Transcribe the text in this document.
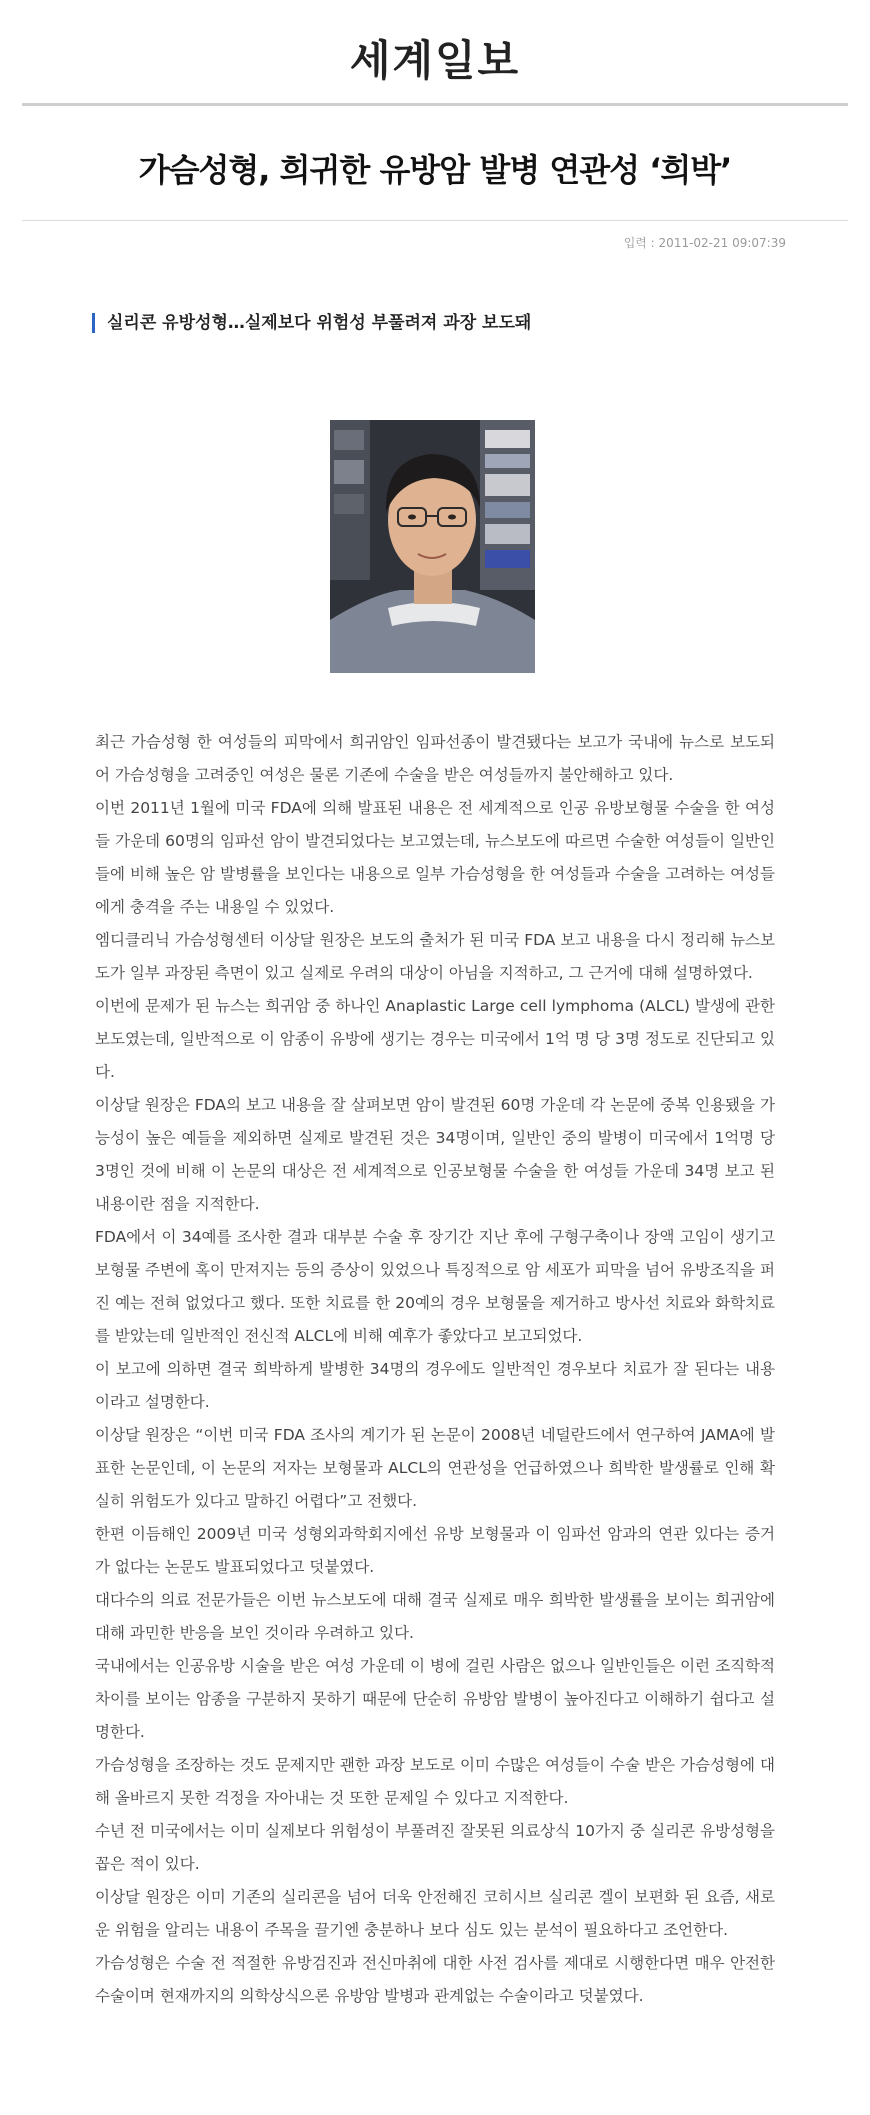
세계일보
가슴성형, 희귀한 유방암 발병 연관성 ‘희박’
입력 : 2011-02-21 09:07:39
실리콘 유방성형…실제보다 위험성 부풀려져 과장 보도돼

최근 가슴성형 한 여성들의 피막에서 희귀암인 임파선종이 발견됐다는 보고가 국내에 뉴스로 보도되어 가슴성형을 고려중인 여성은 물론 기존에 수술을 받은 여성들까지 불안해하고 있다.

이번 2011년 1월에 미국 FDA에 의해 발표된 내용은 전 세계적으로 인공 유방보형물 수술을 한 여성들 가운데 60명의 임파선 암이 발견되었다는 보고였는데, 뉴스보도에 따르면 수술한 여성들이 일반인들에 비해 높은 암 발병률을 보인다는 내용으로 일부 가슴성형을 한 여성들과 수술을 고려하는 여성들에게 충격을 주는 내용일 수 있었다.

엠디클리닉 가슴성형센터 이상달 원장은 보도의 출처가 된 미국 FDA 보고 내용을 다시 정리해 뉴스보도가 일부 과장된 측면이 있고 실제로 우려의 대상이 아님을 지적하고, 그 근거에 대해 설명하였다.

이번에 문제가 된 뉴스는 희귀암 중 하나인 Anaplastic Large cell lymphoma (ALCL) 발생에 관한 보도였는데, 일반적으로 이 암종이 유방에 생기는 경우는 미국에서 1억 명 당 3명 정도로 진단되고 있다.

이상달 원장은 FDA의 보고 내용을 잘 살펴보면 암이 발견된 60명 가운데 각 논문에 중복 인용됐을 가능성이 높은 예들을 제외하면 실제로 발견된 것은 34명이며, 일반인 중의 발병이 미국에서 1억명 당 3명인 것에 비해 이 논문의 대상은 전 세계적으로 인공보형물 수술을 한 여성들 가운데 34명 보고 된 내용이란 점을 지적한다.

FDA에서 이 34예를 조사한 결과 대부분 수술 후 장기간 지난 후에 구형구축이나 장액 고임이 생기고 보형물 주변에 혹이 만져지는 등의 증상이 있었으나 특징적으로 암 세포가 피막을 넘어 유방조직을 퍼진 예는 전혀 없었다고 했다. 또한 치료를 한 20예의 경우 보형물을 제거하고 방사선 치료와 화학치료를 받았는데 일반적인 전신적 ALCL에 비해 예후가 좋았다고 보고되었다.

이 보고에 의하면 결국 희박하게 발병한 34명의 경우에도 일반적인 경우보다 치료가 잘 된다는 내용이라고 설명한다.

이상달 원장은 “이번 미국 FDA 조사의 계기가 된 논문이 2008년 네덜란드에서 연구하여 JAMA에 발표한 논문인데, 이 논문의 저자는 보형물과 ALCL의 연관성을 언급하였으나 희박한 발생률로 인해 확실히 위험도가 있다고 말하긴 어렵다”고 전했다.

한편 이듬해인 2009년 미국 성형외과학회지에선 유방 보형물과 이 임파선 암과의 연관 있다는 증거가 없다는 논문도 발표되었다고 덧붙였다.

대다수의 의료 전문가들은 이번 뉴스보도에 대해 결국 실제로 매우 희박한 발생률을 보이는 희귀암에 대해 과민한 반응을 보인 것이라 우려하고 있다.

국내에서는 인공유방 시술을 받은 여성 가운데 이 병에 걸린 사람은 없으나 일반인들은 이런 조직학적 차이를 보이는 암종을 구분하지 못하기 때문에 단순히 유방암 발병이 높아진다고 이해하기 쉽다고 설명한다.

가슴성형을 조장하는 것도 문제지만 괜한 과장 보도로 이미 수많은 여성들이 수술 받은 가슴성형에 대해 올바르지 못한 걱정을 자아내는 것 또한 문제일 수 있다고 지적한다.

수년 전 미국에서는 이미 실제보다 위험성이 부풀려진 잘못된 의료상식 10가지 중 실리콘 유방성형을 꼽은 적이 있다.

이상달 원장은 이미 기존의 실리콘을 넘어 더욱 안전해진 코히시브 실리콘 겔이 보편화 된 요즘, 새로운 위험을 알리는 내용이 주목을 끌기엔 충분하나 보다 심도 있는 분석이 필요하다고 조언한다.

가슴성형은 수술 전 적절한 유방검진과 전신마취에 대한 사전 검사를 제대로 시행한다면 매우 안전한 수술이며 현재까지의 의학상식으론 유방암 발병과 관계없는 수술이라고 덧붙였다.
